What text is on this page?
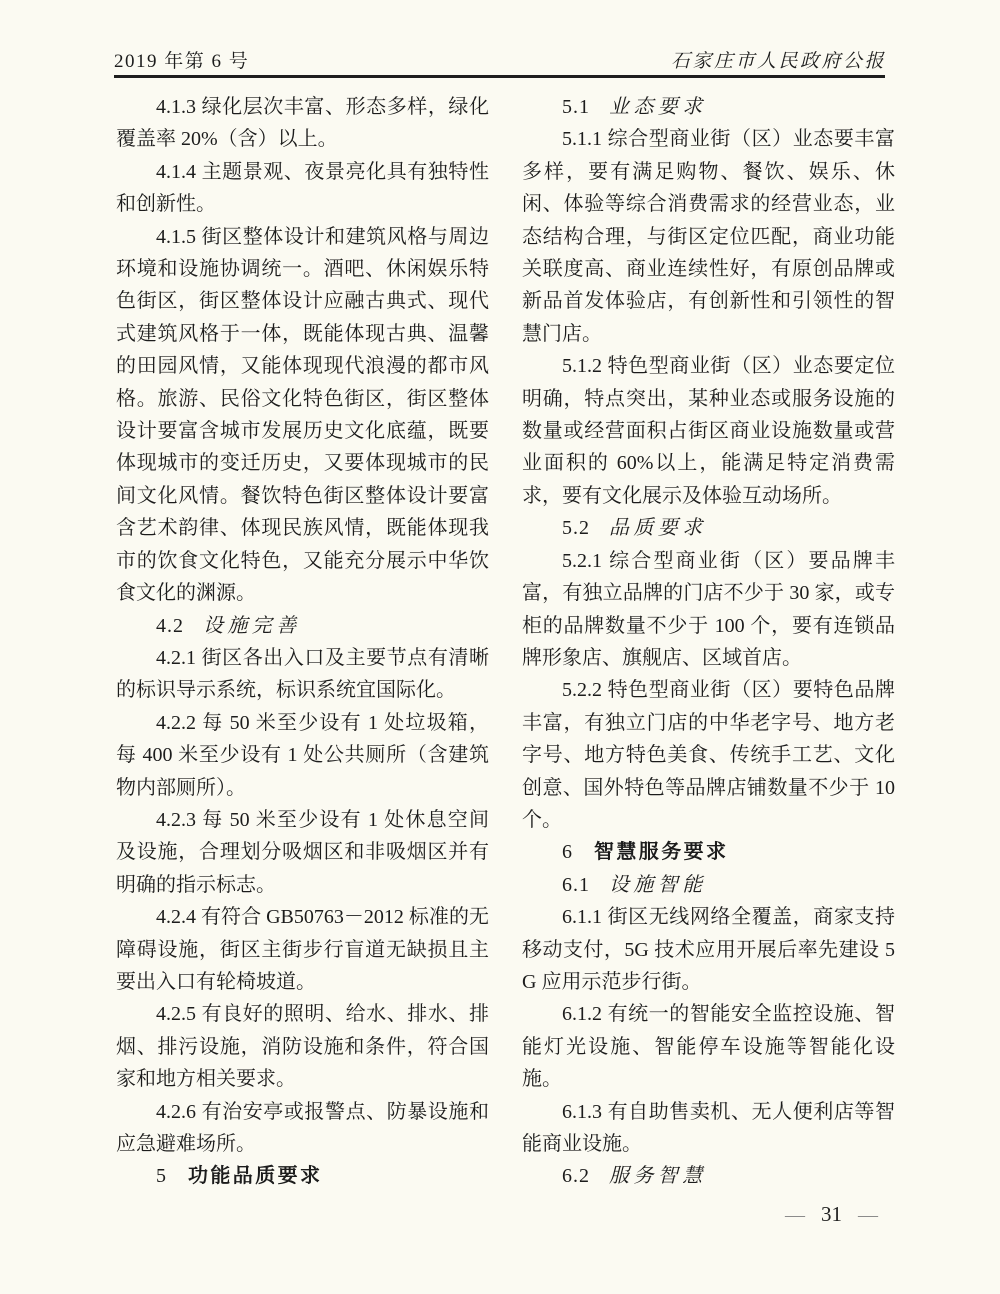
2019 年第 6 号	石家庄市人民政府公报

4.1.3 绿化层次丰富、形态多样，绿化覆盖率 20%（含）以上。

4.1.4 主题景观、夜景亮化具有独特性和创新性。

4.1.5 街区整体设计和建筑风格与周边环境和设施协调统一。酒吧、休闲娱乐特色街区，街区整体设计应融古典式、现代式建筑风格于一体，既能体现古典、温馨的田园风情，又能体现现代浪漫的都市风格。旅游、民俗文化特色街区，街区整体设计要富含城市发展历史文化底蕴，既要体现城市的变迁历史，又要体现城市的民间文化风情。餐饮特色街区整体设计要富含艺术韵律、体现民族风情，既能体现我市的饮食文化特色，又能充分展示中华饮食文化的渊源。

4.2 设施完善

4.2.1 街区各出入口及主要节点有清晰的标识导示系统，标识系统宜国际化。

4.2.2 每 50 米至少设有 1 处垃圾箱，每 400 米至少设有 1 处公共厕所（含建筑物内部厕所）。

4.2.3 每 50 米至少设有 1 处休息空间及设施，合理划分吸烟区和非吸烟区并有明确的指示标志。

4.2.4 有符合 GB50763－2012 标准的无障碍设施，街区主街步行盲道无缺损且主要出入口有轮椅坡道。

4.2.5 有良好的照明、给水、排水、排烟、排污设施，消防设施和条件，符合国家和地方相关要求。

4.2.6 有治安亭或报警点、防暴设施和应急避难场所。

5 功能品质要求

5.1 业态要求

5.1.1 综合型商业街（区）业态要丰富多样，要有满足购物、餐饮、娱乐、休闲、体验等综合消费需求的经营业态，业态结构合理，与街区定位匹配，商业功能关联度高、商业连续性好，有原创品牌或新品首发体验店，有创新性和引领性的智慧门店。

5.1.2 特色型商业街（区）业态要定位明确，特点突出，某种业态或服务设施的数量或经营面积占街区商业设施数量或营业面积的 60%以上，能满足特定消费需求，要有文化展示及体验互动场所。

5.2 品质要求

5.2.1 综合型商业街（区）要品牌丰富，有独立品牌的门店不少于 30 家，或专柜的品牌数量不少于 100 个，要有连锁品牌形象店、旗舰店、区域首店。

5.2.2 特色型商业街（区）要特色品牌丰富，有独立门店的中华老字号、地方老字号、地方特色美食、传统手工艺、文化创意、国外特色等品牌店铺数量不少于 10 个。

6 智慧服务要求

6.1 设施智能

6.1.1 街区无线网络全覆盖，商家支持移动支付，5G 技术应用开展后率先建设 5G 应用示范步行街。

6.1.2 有统一的智能安全监控设施、智能灯光设施、智能停车设施等智能化设施。

6.1.3 有自助售卖机、无人便利店等智能商业设施。

6.2 服务智慧

— 31 —
